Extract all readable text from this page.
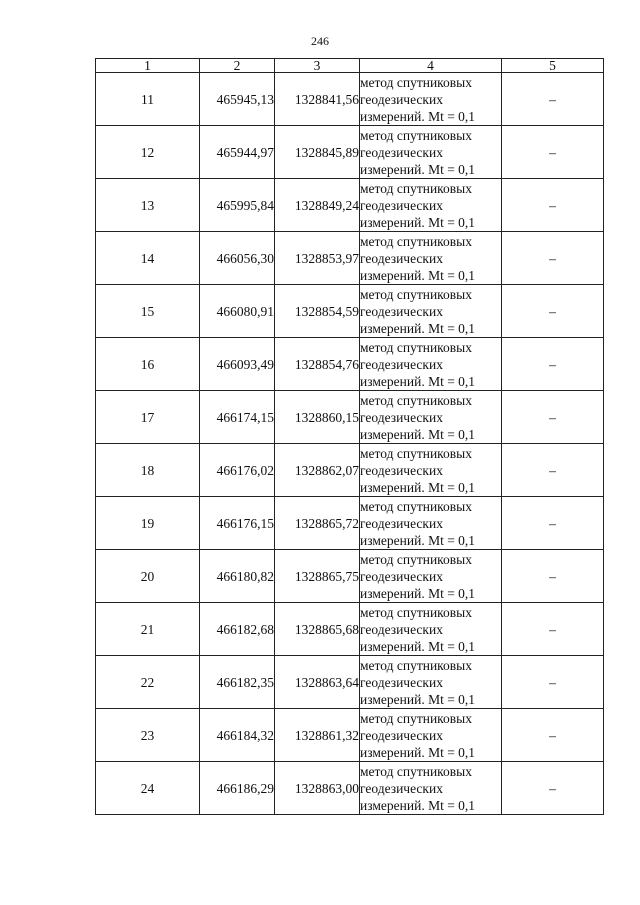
246
1	2	3	4	5
11	465945,13	1328841,56	метод спутниковых
геодезических
измерений. Mt = 0,1	–
12	465944,97	1328845,89	метод спутниковых
геодезических
измерений. Mt = 0,1	–
13	465995,84	1328849,24	метод спутниковых
геодезических
измерений. Mt = 0,1	–
14	466056,30	1328853,97	метод спутниковых
геодезических
измерений. Mt = 0,1	–
15	466080,91	1328854,59	метод спутниковых
геодезических
измерений. Mt = 0,1	–
16	466093,49	1328854,76	метод спутниковых
геодезических
измерений. Mt = 0,1	–
17	466174,15	1328860,15	метод спутниковых
геодезических
измерений. Mt = 0,1	–
18	466176,02	1328862,07	метод спутниковых
геодезических
измерений. Mt = 0,1	–
19	466176,15	1328865,72	метод спутниковых
геодезических
измерений. Mt = 0,1	–
20	466180,82	1328865,75	метод спутниковых
геодезических
измерений. Mt = 0,1	–
21	466182,68	1328865,68	метод спутниковых
геодезических
измерений. Mt = 0,1	–
22	466182,35	1328863,64	метод спутниковых
геодезических
измерений. Mt = 0,1	–
23	466184,32	1328861,32	метод спутниковых
геодезических
измерений. Mt = 0,1	–
24	466186,29	1328863,00	метод спутниковых
геодезических
измерений. Mt = 0,1	–
